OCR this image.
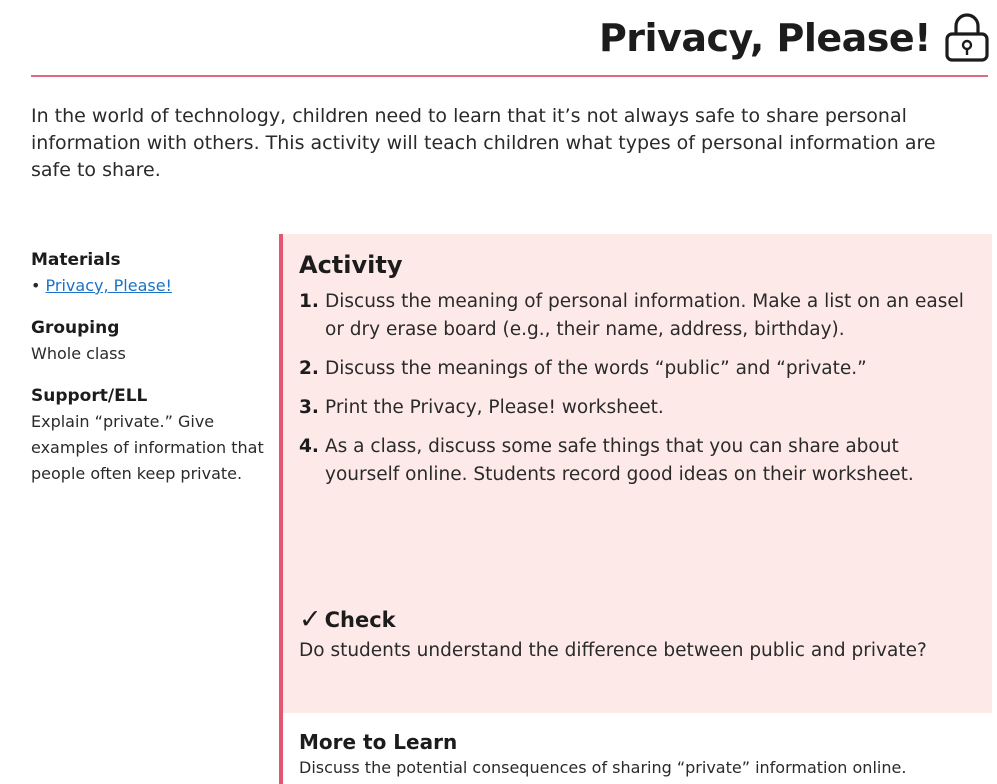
Privacy, Please!

In the world of technology, children need to learn that it’s not always safe to share personal information with others. This activity will teach children what types of personal information are safe to share.

Materials
• Privacy, Please!
Grouping
Whole class
Support/ELL
Explain “private.” Give examples of information that people often keep private.
Activity
1. Discuss the meaning of personal information. Make a list on an easel or dry erase board (e.g., their name, address, birthday).
2. Discuss the meanings of the words “public” and “private.”
3. Print the Privacy, Please! worksheet.
4. As a class, discuss some safe things that you can share about yourself online. Students record good ideas on their worksheet.
✓ Check
Do students understand the difference between public and private?
More to Learn
Discuss the potential consequences of sharing “private” information online.
